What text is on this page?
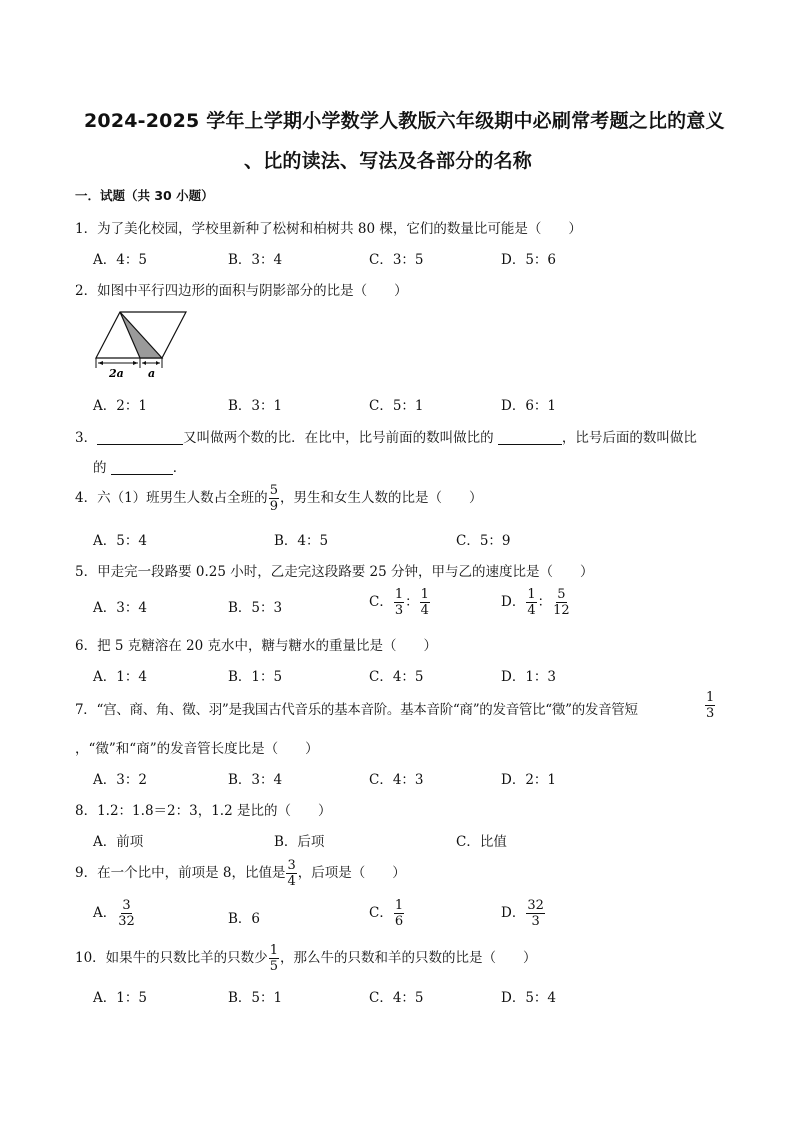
2024-2025 学年上学期小学数学人教版六年级期中必刷常考题之比的意义
、比的读法、写法及各部分的名称
一．试题（共 30 小题）
1．为了美化校园，学校里新种了松树和柏树共 80 棵，它们的数量比可能是（　　）
A．4：5	B．3：4	C．3：5	D．5：6
2．如图中平行四边形的面积与阴影部分的比是（　　）
2a a
A．2：1	B．3：1	C．5：1	D．6：1
3．	又叫做两个数的比．在比中，比号前面的数叫做比的	，比号后面的数叫做比
的	．
4．六（1）班男生人数占全班的 $\frac{5}{9}$ ，男生和女生人数的比是（　　）
A．5：4	B．4：5	C．5：9
5．甲走完一段路要 0.25 小时，乙走完这段路要 25 分钟，甲与乙的速度比是（　　）
A．3：4	B．5：3	C． $\frac{1}{3}$ ： $\frac{1}{4}$	D． $\frac{1}{4}$ ： $\frac{5}{12}$
6．把 5 克糖溶在 20 克水中，糖与糖水的重量比是（　　）
A．1：4	B．1：5	C．4：5	D．1：3
7．“宫、商、角、徵、羽”是我国古代音乐的基本音阶。基本音阶“商”的发音管比“徵”的发音管短	$\frac{1}{3}$
，“徵”和“商”的发音管长度比是（　　）
A．3：2	B．3：4	C．4：3	D．2：1
8．1.2：1.8＝2：3，1.2 是比的（　　）
A．前项	B．后项	C．比值
9．在一个比中，前项是 8，比值是 $\frac{3}{4}$ ，后项是（　　）
A． $\frac{3}{32}$	B．6	C． $\frac{1}{6}$	D． $\frac{32}{3}$
10．如果牛的只数比羊的只数少 $\frac{1}{5}$ ，那么牛的只数和羊的只数的比是（　　）
A．1：5	B．5：1	C．4：5	D．5：4
